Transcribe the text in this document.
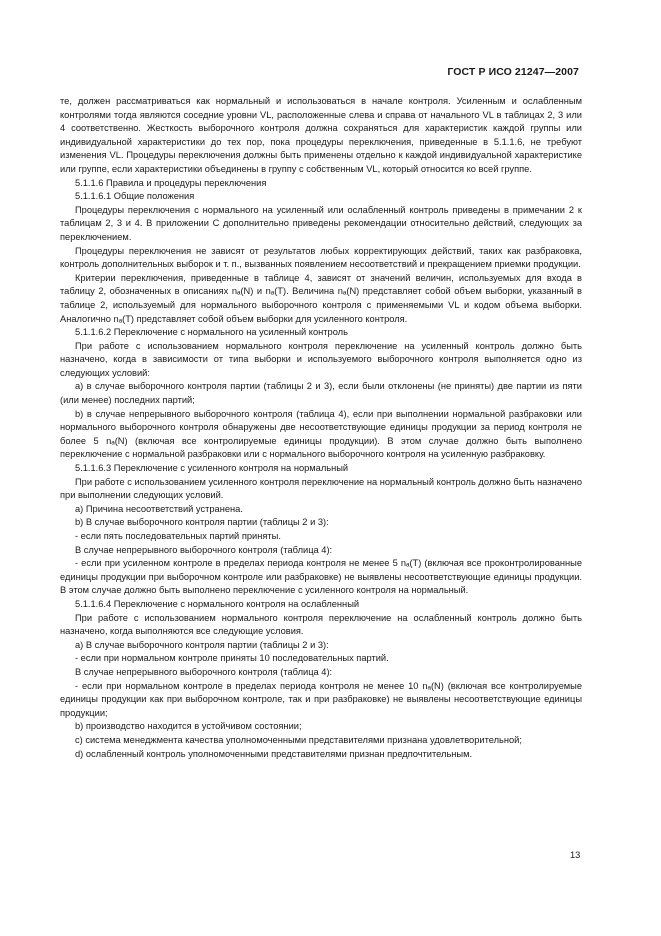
ГОСТ Р ИСО 21247—2007

те, должен рассматриваться как нормальный и использоваться в начале контроля. Усиленным и ослабленным контролями тогда являются соседние уровни VL, расположенные слева и справа от начального VL в таблицах 2, 3 или 4 соответственно. Жесткость выборочного контроля должна сохраняться для характеристик каждой группы или индивидуальной характеристики до тех пор, пока процедуры переключения, приведенные в 5.1.1.6, не требуют изменения VL. Процедуры переключения должны быть применены отдельно к каждой индивидуальной характеристике или группе, если характеристики объединены в группу с собственным VL, который относится ко всей группе.

5.1.1.6 Правила и процедуры переключения

5.1.1.6.1 Общие положения

Процедуры переключения с нормального на усиленный или ослабленный контроль приведены в примечании 2 к таблицам 2, 3 и 4. В приложении С дополнительно приведены рекомендации относительно действий, следующих за переключением.

Процедуры переключения не зависят от результатов любых корректирующих действий, таких как разбраковка, контроль дополнительных выборок и т. п., вызванных появлением несоответствий и прекращением приемки продукции.

Критерии переключения, приведенные в таблице 4, зависят от значений величин, используемых для входа в таблицу 2, обозначенных в описаниях nₐ(N) и nₐ(T). Величина nₐ(N) представляет собой объем выборки, указанный в таблице 2, используемый для нормального выборочного контроля с применяемыми VL и кодом объема выборки. Аналогично nₐ(T) представляет собой объем выборки для усиленного контроля.

5.1.1.6.2 Переключение с нормального на усиленный контроль

При работе с использованием нормального контроля переключение на усиленный контроль должно быть назначено, когда в зависимости от типа выборки и используемого выборочного контроля выполняется одно из следующих условий:

а) в случае выборочного контроля партии (таблицы 2 и 3), если были отклонены (не приняты) две партии из пяти (или менее) последних партий;

b) в случае непрерывного выборочного контроля (таблица 4), если при выполнении нормальной разбраковки или нормального выборочного контроля обнаружены две несоответствующие единицы продукции за период контроля не более 5 nₐ(N) (включая все контролируемые единицы продукции). В этом случае должно быть выполнено переключение с нормальной разбраковки или с нормального выборочного контроля на усиленную разбраковку.

5.1.1.6.3 Переключение с усиленного контроля на нормальный

При работе с использованием усиленного контроля переключение на нормальный контроль должно быть назначено при выполнении следующих условий.

а) Причина несоответствий устранена.

b) В случае выборочного контроля партии (таблицы 2 и 3):

- если пять последовательных партий приняты.

В случае непрерывного выборочного контроля (таблица 4):

- если при усиленном контроле в пределах периода контроля не менее 5 nₐ(T) (включая все проконтролированные единицы продукции при выборочном контроле или разбраковке) не выявлены несоответствующие единицы продукции. В этом случае должно быть выполнено переключение с усиленного контроля на нормальный.

5.1.1.6.4 Переключение с нормального контроля на ослабленный

При работе с использованием нормального контроля переключение на ослабленный контроль должно быть назначено, когда выполняются все следующие условия.

а) В случае выборочного контроля партии (таблицы 2 и 3):

- если при нормальном контроле приняты 10 последовательных партий.

В случае непрерывного выборочного контроля (таблица 4):

- если при нормальном контроле в пределах периода контроля не менее 10 nₐ(N) (включая все контролируемые единицы продукции как при выборочном контроле, так и при разбраковке) не выявлены несоответствующие единицы продукции;

b) производство находится в устойчивом состоянии;

с) система менеджмента качества уполномоченными представителями признана удовлетворительной;

d) ослабленный контроль уполномоченными представителями признан предпочтительным.

13
